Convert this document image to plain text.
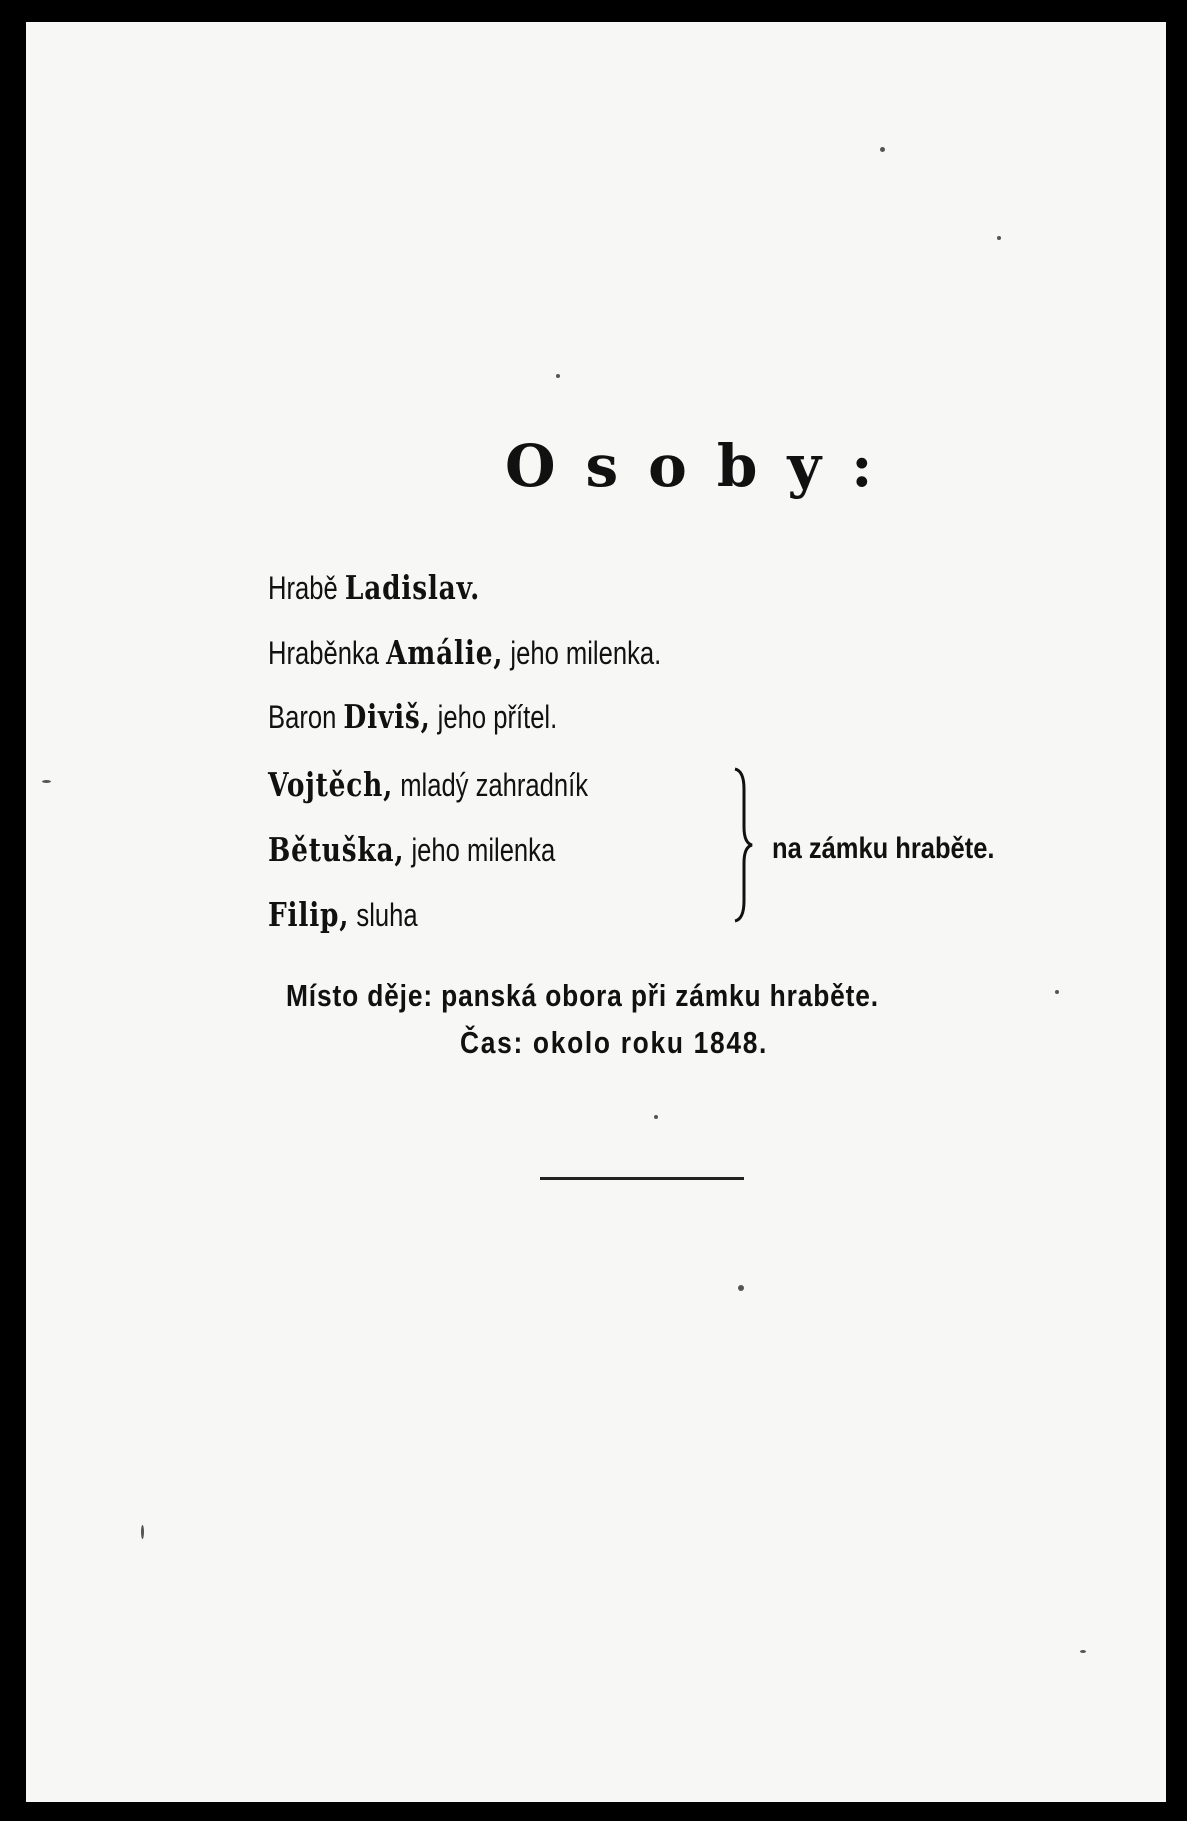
Osoby:
Hrabě Ladislav.
Hraběnka Amálie, jeho milenka.
Baron Diviš, jeho přítel.
Vojtěch, mladý zahradník
Bětuška, jeho milenka
Filip, sluha
na zámku hraběte.
Místo děje: panská obora při zámku hraběte.
Čas: okolo roku 1848.
